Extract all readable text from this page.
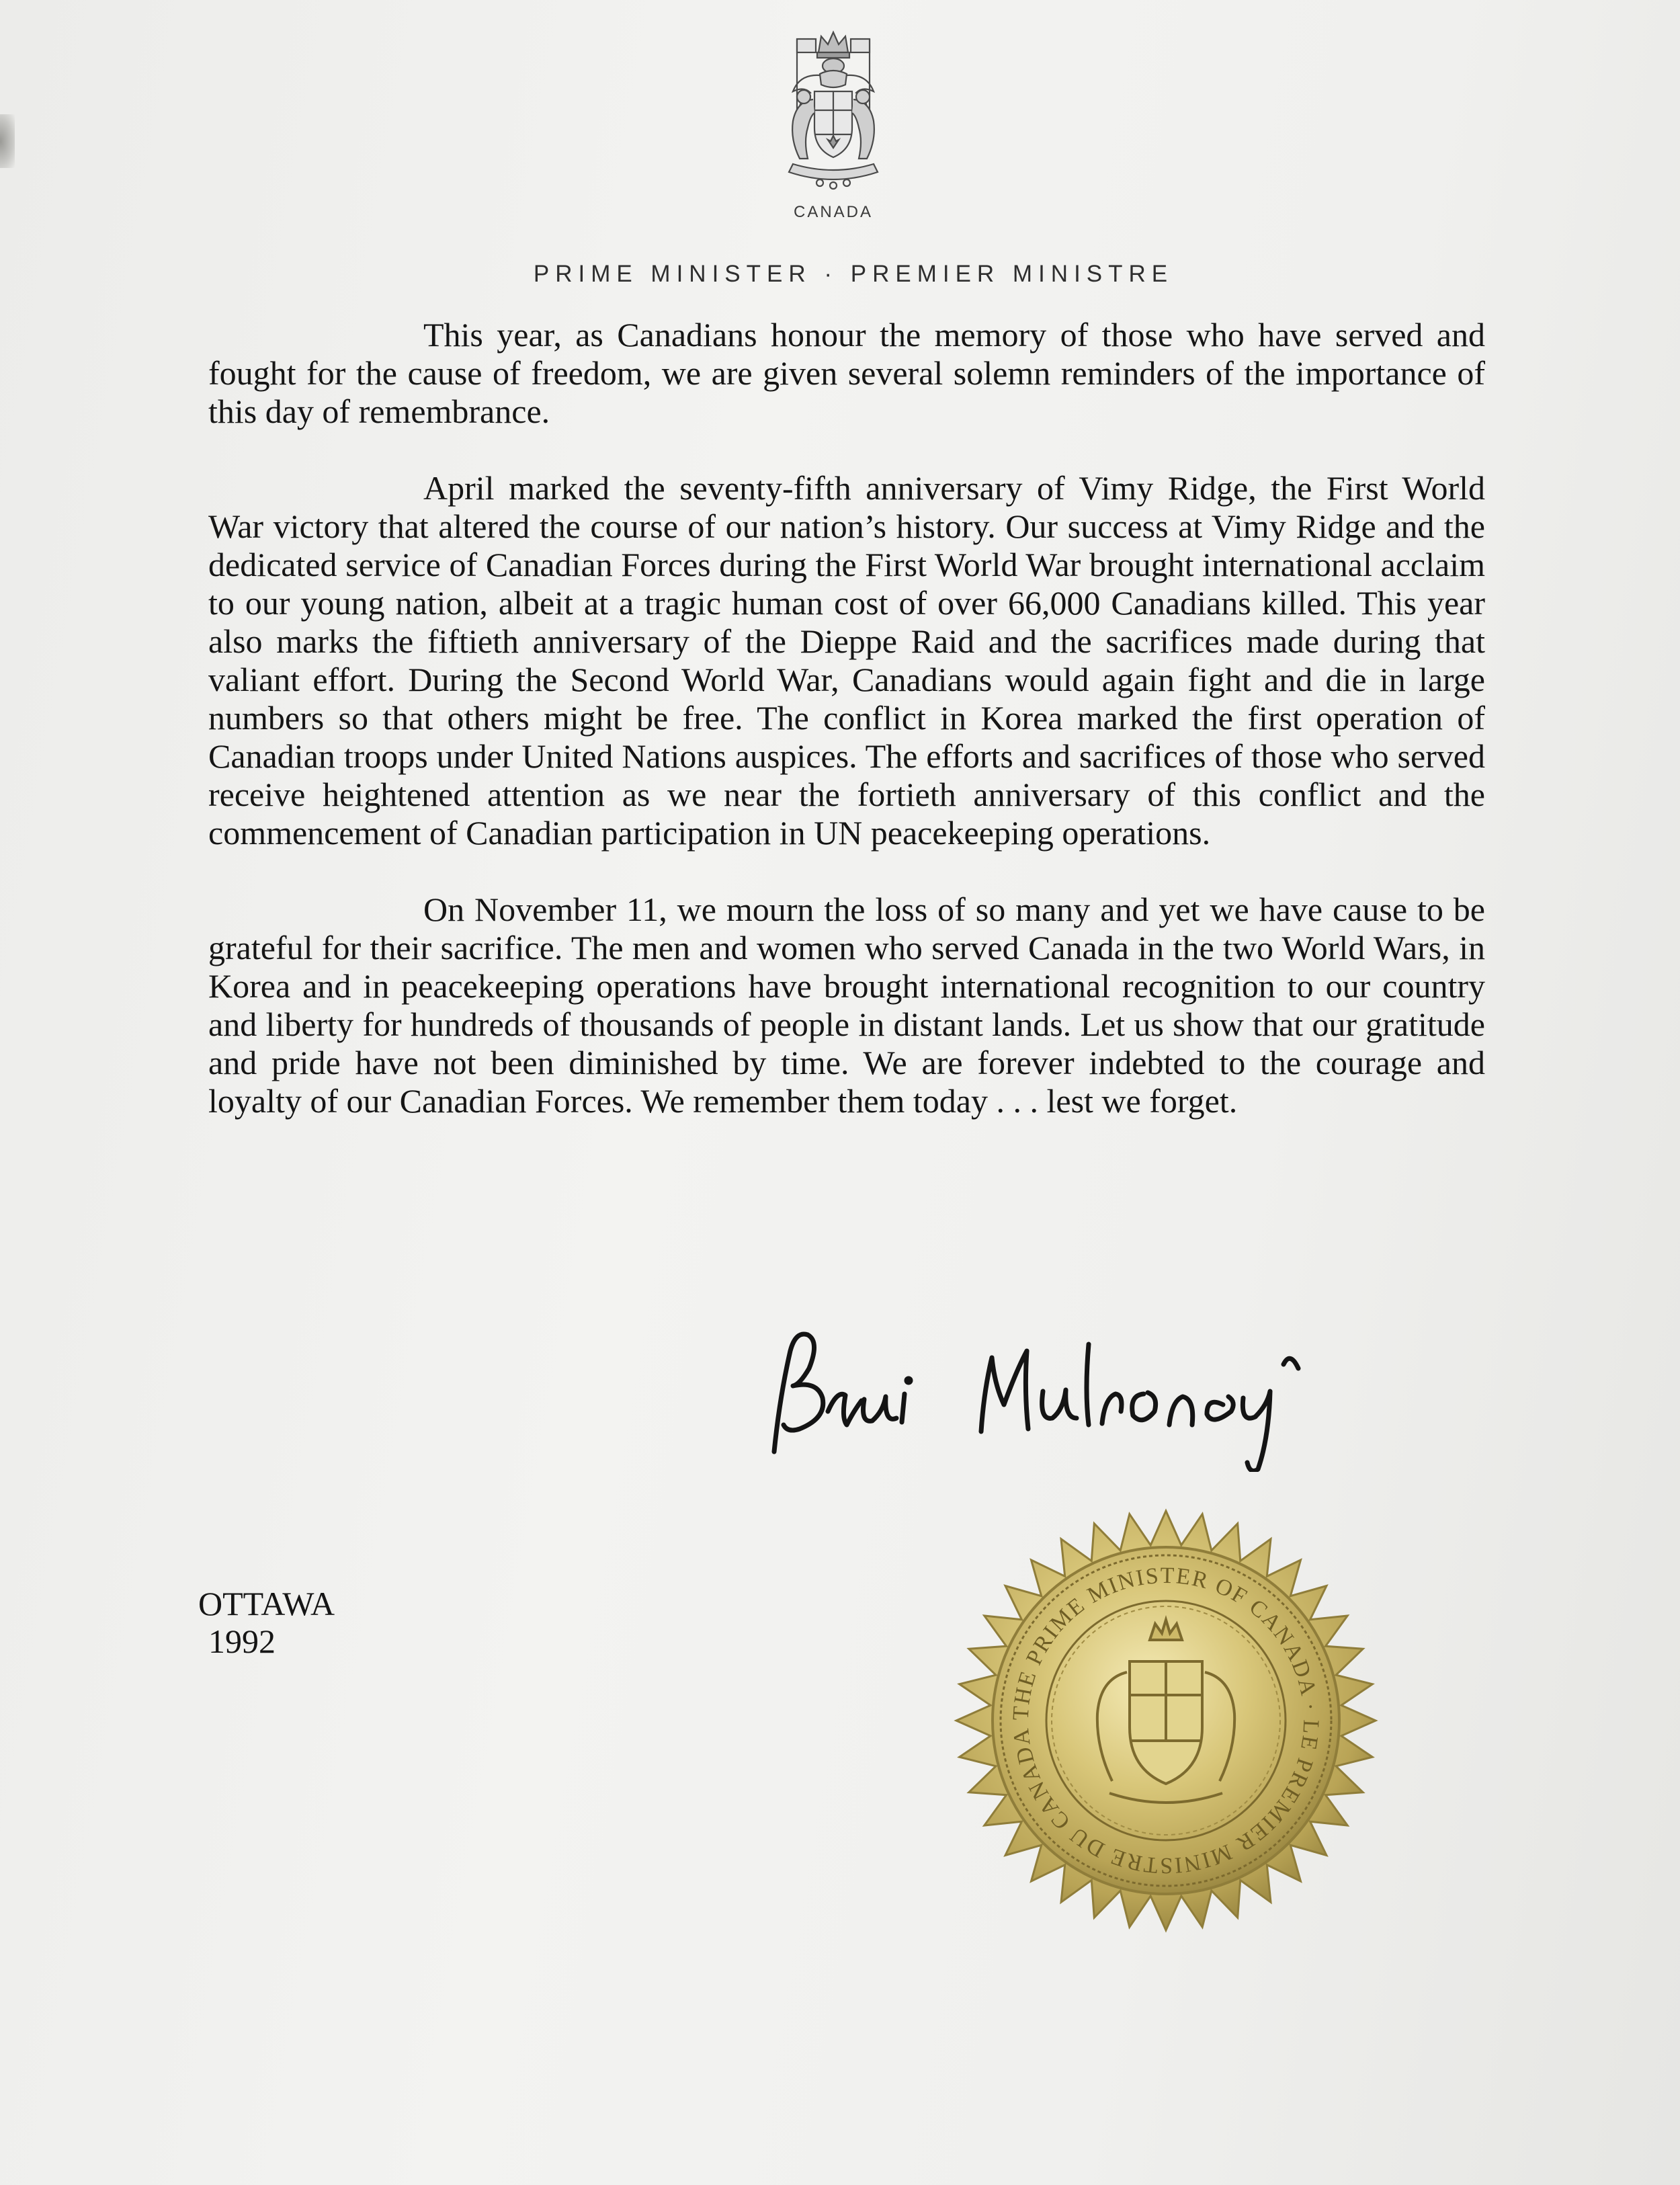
CANADA
PRIME MINISTER · PREMIER MINISTRE

This year, as Canadians honour the memory of those who have served and fought for the cause of freedom, we are given several solemn reminders of the importance of this day of remembrance.

April marked the seventy-fifth anniversary of Vimy Ridge, the First World War victory that altered the course of our nation’s history. Our success at Vimy Ridge and the dedicated service of Canadian Forces during the First World War brought international acclaim to our young nation, albeit at a tragic human cost of over 66,000 Canadians killed. This year also marks the fiftieth anniversary of the Dieppe Raid and the sacrifices made during that valiant effort. During the Second World War, Canadians would again fight and die in large numbers so that others might be free. The conflict in Korea marked the first operation of Canadian troops under United Nations auspices. The efforts and sacrifices of those who served receive heightened attention as we near the fortieth anniversary of this conflict and the commencement of Canadian participation in UN peacekeeping operations.

On November 11, we mourn the loss of so many and yet we have cause to be grateful for their sacrifice. The men and women who served Canada in the two World Wars, in Korea and in peacekeeping operations have brought international recognition to our country and liberty for hundreds of thousands of people in distant lands. Let us show that our gratitude and pride have not been diminished by time. We are forever indebted to the courage and loyalty of our Canadian Forces. We remember them today . . . lest we forget.

OTTAWA
1992
THE PRIME MINISTER OF CANADA · LE PREMIER MINISTRE DU CANADA
